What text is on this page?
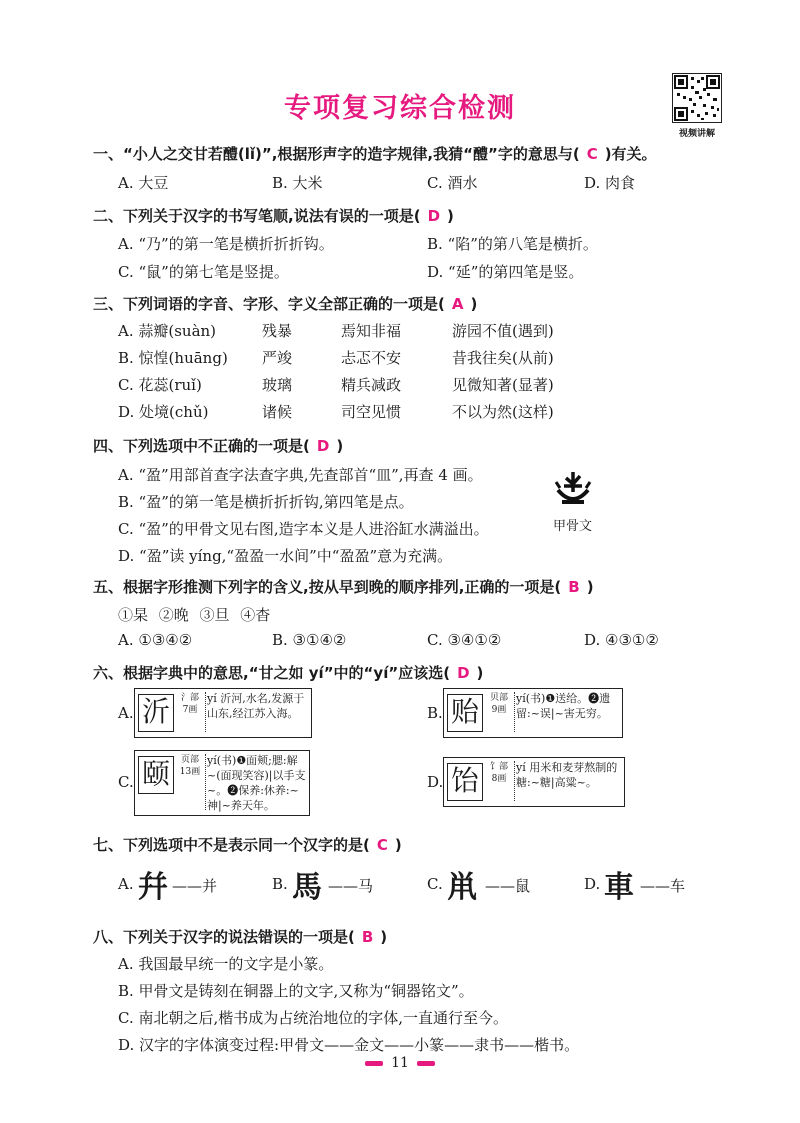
专项复习综合检测
视频讲解
一、“小人之交甘若醴(lǐ)”,根据形声字的造字规律,我猜“醴”字的意思与( C )有关。
A. 大豆	B. 大米	C. 酒水	D. 肉食
二、下列关于汉字的书写笔顺,说法有误的一项是( D )
A. “乃”的第一笔是横折折折钩。	B. “陷”的第八笔是横折。
C. “鼠”的第七笔是竖提。	D. “延”的第四笔是竖。
三、下列词语的字音、字形、字义全部正确的一项是( A )
A. 蒜瓣(suàn)	残暴	焉知非福	游园不值(遇到)
B. 惊惶(huāng) 严竣	忐忑不安	昔我往矣(从前)
C. 花蕊(ruǐ)	玻璃	精兵减政	见微知著(显著)
D. 处境(chǔ)	诸候	司空见惯	不以为然(这样)
四、下列选项中不正确的一项是( D )
A. “盈”用部首查字法查字典,先查部首“皿”,再查 4 画。
B. “盈”的第一笔是横折折折钩,第四笔是点。
C. “盈”的甲骨文见右图,造字本义是人进浴缸水满溢出。
D. “盈”读 yíng,“盈盈一水间”中“盈盈”意为充满。
甲骨文
五、根据字形推测下列字的含义,按从早到晚的顺序排列,正确的一项是( B )
①杲 ②晚 ③旦 ④杳
A. ①③④②	B. ③①④②	C. ③④①②	D. ④③①②
六、根据字典中的意思,“甘之如 yí”中的“yí”应该选( D )
A. 沂	氵部
7画
yí 沂河,水名,发源于山东,经江苏入海。	B. 贻	贝部
9画
yí(书)❶送给。❷遗留:~误|~害无穷。
C. 颐	页部
13画
yí(书)❶面颊;腮:解~(面现笑容)|以手支~。❷保养:休养:~神|~养天年。
D. 饴	饣部
8画
yí 用米和麦芽熬制的糖:~糖|高粱~。
七、下列选项中不是表示同一个汉字的是( C )
A. 幷 ——并	B. 馬 ——马	C. 鼡 ——鼠	D. 車 ——车
八、下列关于汉字的说法错误的一项是( B )
A. 我国最早统一的文字是小篆。
B. 甲骨文是铸刻在铜器上的文字,又称为“铜器铭文”。
C. 南北朝之后,楷书成为占统治地位的字体,一直通行至今。
D. 汉字的字体演变过程:甲骨文——金文——小篆——隶书——楷书。
11
